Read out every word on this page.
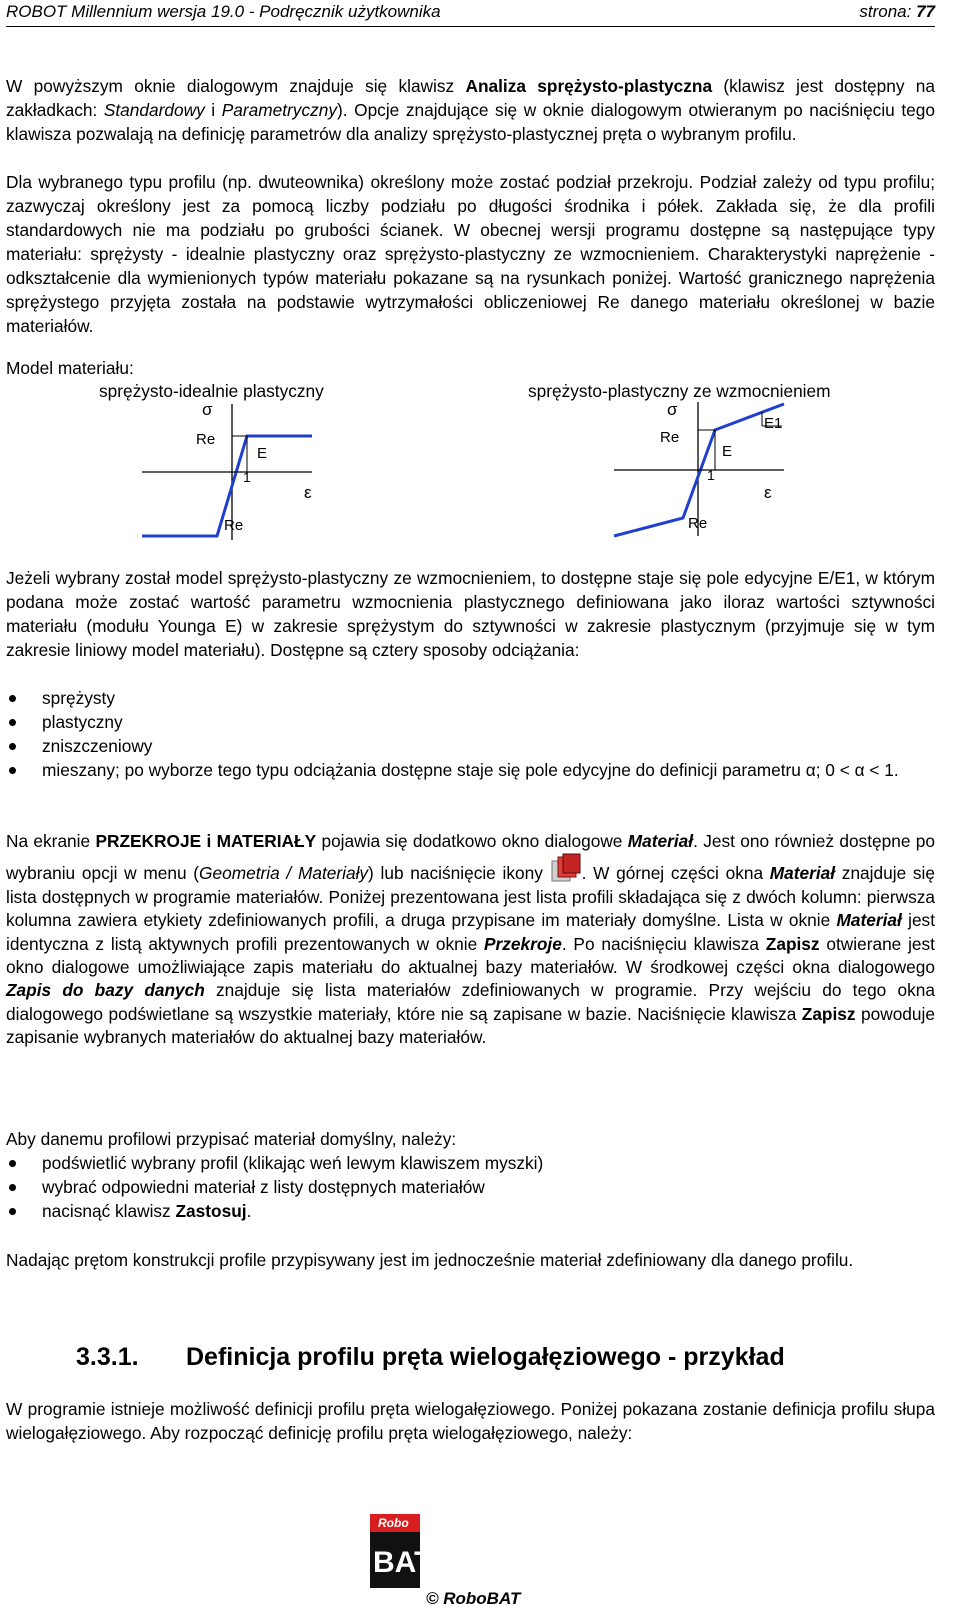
ROBOT Millennium wersja 19.0 - Podręcznik użytkownika	strona: 77

W powyższym oknie dialogowym znajduje się klawisz Analiza sprężysto-plastyczna (klawisz jest dostępny na zakładkach: Standardowy i Parametryczny). Opcje znajdujące się w oknie dialogowym otwieranym po naciśnięciu tego klawisza pozwalają na definicję parametrów dla analizy sprężysto-plastycznej pręta o wybranym profilu.

Dla wybranego typu profilu (np. dwuteownika) określony może zostać podział przekroju. Podział zależy od typu profilu; zazwyczaj określony jest za pomocą liczby podziału po długości środnika i półek. Zakłada się, że dla profili standardowych nie ma podziału po grubości ścianek. W obecnej wersji programu dostępne są następujące typy materiału: sprężysty - idealnie plastyczny oraz sprężysto-plastyczny ze wzmocnieniem. Charakterystyki naprężenie - odkształcenie dla wymienionych typów materiału pokazane są na rysunkach poniżej. Wartość granicznego naprężenia sprężystego przyjęta została na podstawie wytrzymałości obliczeniowej Re danego materiału określonej w bazie materiałów.

Model materiału:
sprężysto-idealnie plastyczny	sprężysto-plastyczny ze wzmocnieniem
σ
Re
E
1
ε
Re
σ
Re
E1
E
1
ε
Re

Jeżeli wybrany został model sprężysto-plastyczny ze wzmocnieniem, to dostępne staje się pole edycyjne E/E1, w którym podana może zostać wartość parametru wzmocnienia plastycznego definiowana jako iloraz wartości sztywności materiału (modułu Younga E) w zakresie sprężystym do sztywności w zakresie plastycznym (przyjmuje się w tym zakresie liniowy model materiału). Dostępne są cztery sposoby odciążania:

sprężysty
plastyczny
zniszczeniowy
mieszany; po wyborze tego typu odciążania dostępne staje się pole edycyjne do definicji parametru α; 0 < α < 1.

Na ekranie PRZEKROJE i MATERIAŁY pojawia się dodatkowo okno dialogowe Materiał. Jest ono również dostępne po wybraniu opcji w menu (Geometria / Materiały) lub naciśnięcie ikony . W górnej części okna Materiał znajduje się lista dostępnych w programie materiałów. Poniżej prezentowana jest lista profili składająca się z dwóch kolumn: pierwsza kolumna zawiera etykiety zdefiniowanych profili, a druga przypisane im materiały domyślne. Lista w oknie Materiał jest identyczna z listą aktywnych profili prezentowanych w oknie Przekroje. Po naciśnięciu klawisza Zapisz otwierane jest okno dialogowe umożliwiające zapis materiału do aktualnej bazy materiałów. W środkowej części okna dialogowego Zapis do bazy danych znajduje się lista materiałów zdefiniowanych w programie. Przy wejściu do tego okna dialogowego podświetlane są wszystkie materiały, które nie są zapisane w bazie. Naciśnięcie klawisza Zapisz powoduje zapisanie wybranych materiałów do aktualnej bazy materiałów.

Aby danemu profilowi przypisać materiał domyślny, należy:

podświetlić wybrany profil (klikając weń lewym klawiszem myszki)
wybrać odpowiedni materiał z listy dostępnych materiałów
nacisnąć klawisz Zastosuj.

Nadając prętom konstrukcji profile przypisywany jest im jednocześnie materiał zdefiniowany dla danego profilu.

3.3.1. Definicja profilu pręta wielogałęziowego - przykład

W programie istnieje możliwość definicji profilu pręta wielogałęziowego. Poniżej pokazana zostanie definicja profilu słupa wielogałęziowego. Aby rozpocząć definicję profilu pręta wielogałęziowego, należy:

Robo
BAT
© RoboBAT
